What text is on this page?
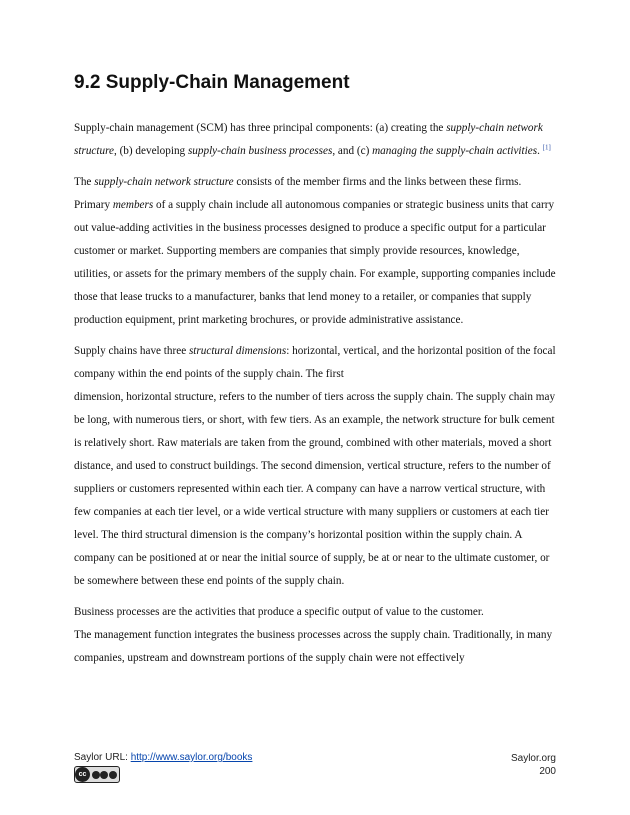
9.2 Supply-Chain Management

Supply-chain management (SCM) has three principal components: (a) creating the supply-chain network structure, (b) developing supply-chain business processes, and (c) managing the supply-chain activities. [1]

The supply-chain network structure consists of the member firms and the links between these firms. Primary members of a supply chain include all autonomous companies or strategic business units that carry out value-adding activities in the business processes designed to produce a specific output for a particular customer or market. Supporting members are companies that simply provide resources, knowledge, utilities, or assets for the primary members of the supply chain. For example, supporting companies include those that lease trucks to a manufacturer, banks that lend money to a retailer, or companies that supply production equipment, print marketing brochures, or provide administrative assistance.

Supply chains have three structural dimensions: horizontal, vertical, and the horizontal position of the focal company within the end points of the supply chain. The first
dimension, horizontal structure, refers to the number of tiers across the supply chain. The supply chain may be long, with numerous tiers, or short, with few tiers. As an example, the network structure for bulk cement is relatively short. Raw materials are taken from the ground, combined with other materials, moved a short distance, and used to construct buildings. The second dimension, vertical structure, refers to the number of suppliers or customers represented within each tier. A company can have a narrow vertical structure, with few companies at each tier level, or a wide vertical structure with many suppliers or customers at each tier level. The third structural dimension is the company’s horizontal position within the supply chain. A company can be positioned at or near the initial source of supply, be at or near to the ultimate customer, or be somewhere between these end points of the supply chain.

Business processes are the activities that produce a specific output of value to the customer.
The management function integrates the business processes across the supply chain. Traditionally, in many companies, upstream and downstream portions of the supply chain were not effectively

Saylor URL: http://www.saylor.org/books
cc
Saylor.org
200
